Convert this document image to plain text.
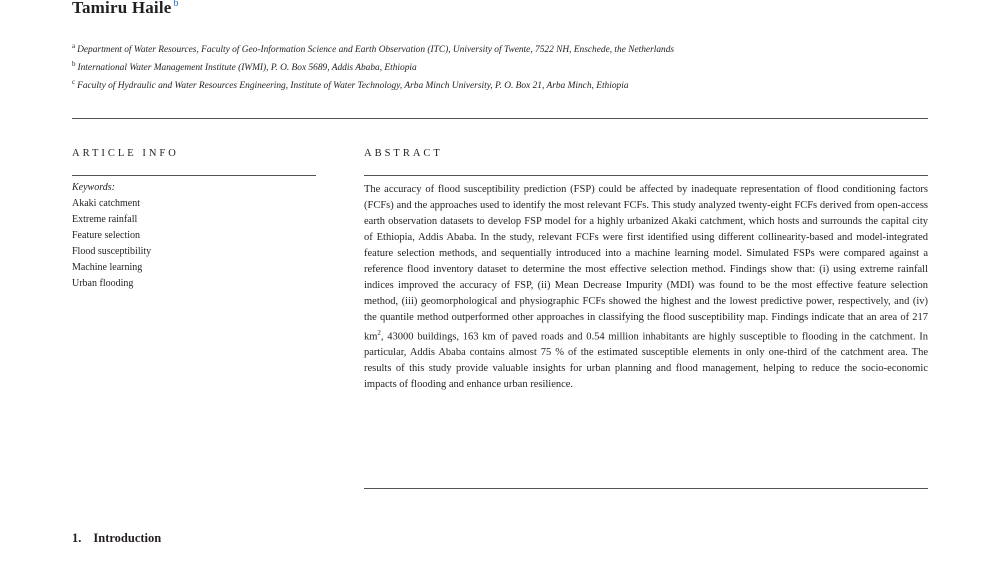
Tamiru Haile $^b$

$^a$ Department of Water Resources, Faculty of Geo-Information Science and Earth Observation (ITC), University of Twente, 7522 NH, Enschede, the Netherlands

$^b$ International Water Management Institute (IWMI), P. O. Box 5689, Addis Ababa, Ethiopia

$^c$ Faculty of Hydraulic and Water Resources Engineering, Institute of Water Technology, Arba Minch University, P. O. Box 21, Arba Minch, Ethiopia

ARTICLE INFO	ABSTRACT
Keywords:
Akaki catchment
Extreme rainfall
Feature selection
Flood susceptibility
Machine learning
Urban flooding
The accuracy of flood susceptibility prediction (FSP) could be affected by inadequate representation of flood conditioning factors (FCFs) and the approaches used to identify the most relevant FCFs. This study analyzed twenty-eight FCFs derived from open-access earth observation datasets to develop FSP model for a highly urbanized Akaki catchment, which hosts and surrounds the capital city of Ethiopia, Addis Ababa. In the study, relevant FCFs were first identified using different collinearity-based and model-integrated feature selection methods, and sequentially introduced into a machine learning model. Simulated FSPs were compared against a reference flood inventory dataset to determine the most effective selection method. Findings show that: (i) using extreme rainfall indices improved the accuracy of FSP, (ii) Mean Decrease Impurity (MDI) was found to be the most effective feature selection method, (iii) geomorphological and physiographic FCFs showed the highest and the lowest predictive power, respectively, and (iv) the quantile method outperformed other approaches in classifying the flood susceptibility map. Findings indicate that an area of 217 $km^2$, 43000 buildings, 163 km of paved roads and 0.54 million inhabitants are highly susceptible to flooding in the catchment. In particular, Addis Ababa contains almost 75 % of the estimated susceptible elements in only one-third of the catchment area. The results of this study provide valuable insights for urban planning and flood management, helping to reduce the socio-economic impacts of flooding and enhance urban resilience.
1. Introduction
